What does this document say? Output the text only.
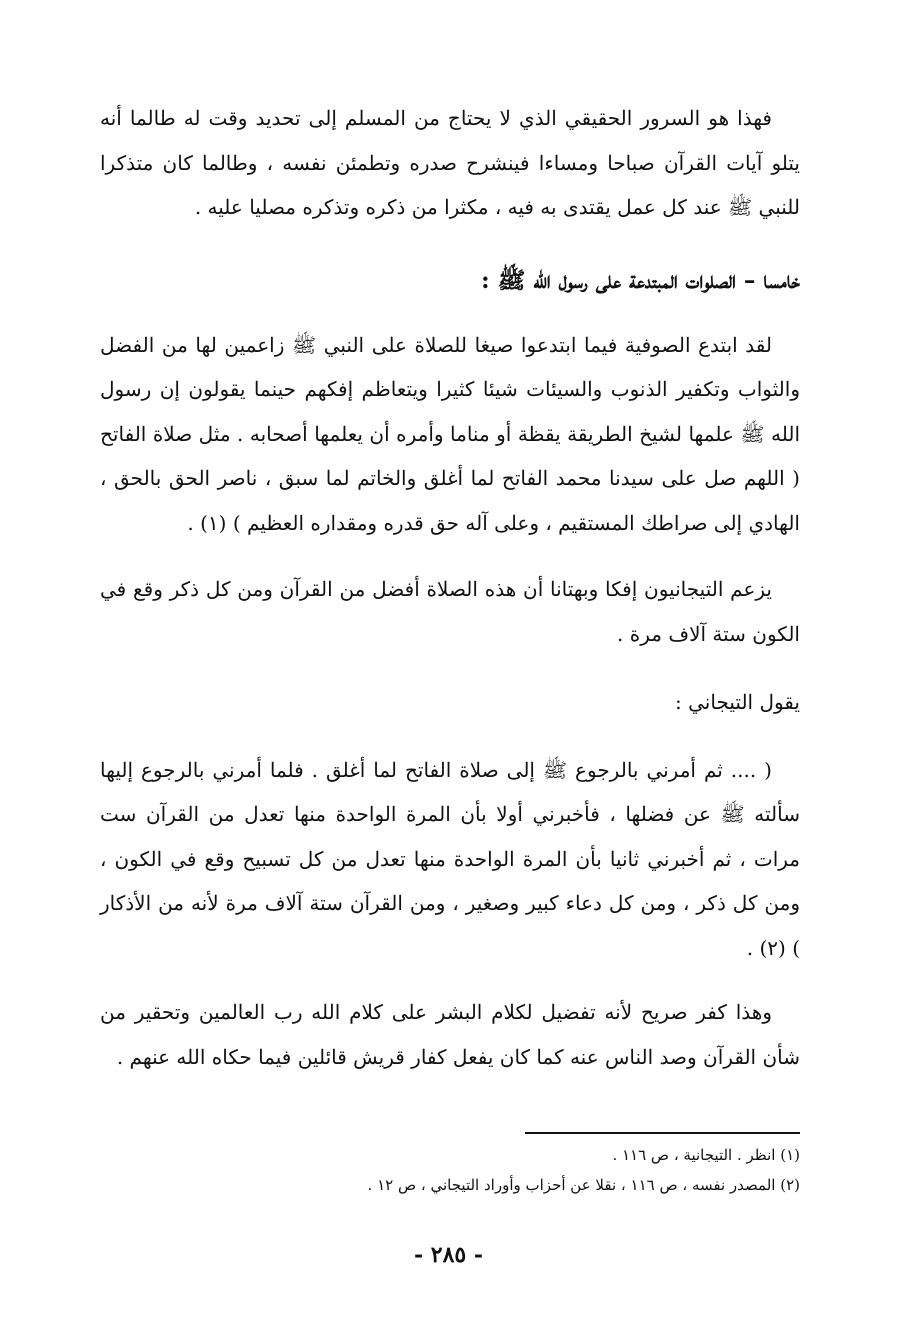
فهذا هو السرور الحقيقي الذي لا يحتاج من المسلم إلى تحديد وقت له طالما أنه يتلو آيات القرآن صباحا ومساءا فينشرح صدره وتطمئن نفسه ، وطالما كان متذكرا للنبي ﷺ عند كل عمل يقتدى به فيه ، مكثرا من ذكره وتذكره مصليا عليه .

خامسا – الصلوات المبتدعة على رسول الله ﷺ :

لقد ابتدع الصوفية فيما ابتدعوا صيغا للصلاة على النبي ﷺ زاعمين لها من الفضل والثواب وتكفير الذنوب والسيئات شيئا كثيرا ويتعاظم إفكهم حينما يقولون إن رسول الله ﷺ علمها لشيخ الطريقة يقظة أو مناما وأمره أن يعلمها أصحابه . مثل صلاة الفاتح ( اللهم صل على سيدنا محمد الفاتح لما أغلق والخاتم لما سبق ، ناصر الحق بالحق ، الهادي إلى صراطك المستقيم ، وعلى آله حق قدره ومقداره العظيم ) (١) .

يزعم التيجانيون إفكا وبهتانا أن هذه الصلاة أفضل من القرآن ومن كل ذكر وقع في الكون ستة آلاف مرة .

يقول التيجاني :

( .... ثم أمرني بالرجوع ﷺ إلى صلاة الفاتح لما أغلق . فلما أمرني بالرجوع إليها سألته ﷺ عن فضلها ، فأخبرني أولا بأن المرة الواحدة منها تعدل من القرآن ست مرات ، ثم أخبرني ثانيا بأن المرة الواحدة منها تعدل من كل تسبيح وقع في الكون ، ومن كل ذكر ، ومن كل دعاء كبير وصغير ، ومن القرآن ستة آلاف مرة لأنه من الأذكار ) (٢) .

وهذا كفر صريح لأنه تفضيل لكلام البشر على كلام الله رب العالمين وتحقير من شأن القرآن وصد الناس عنه كما كان يفعل كفار قريش قائلين فيما حكاه الله عنهم .

(١) انظر . التيجانية ، ص ١١٦ .

(٢) المصدر نفسه ، ص ١١٦ ، نقلا عن أحزاب وأوراد التيجاني ، ص ١٢ .

- ٢٨٥ -
